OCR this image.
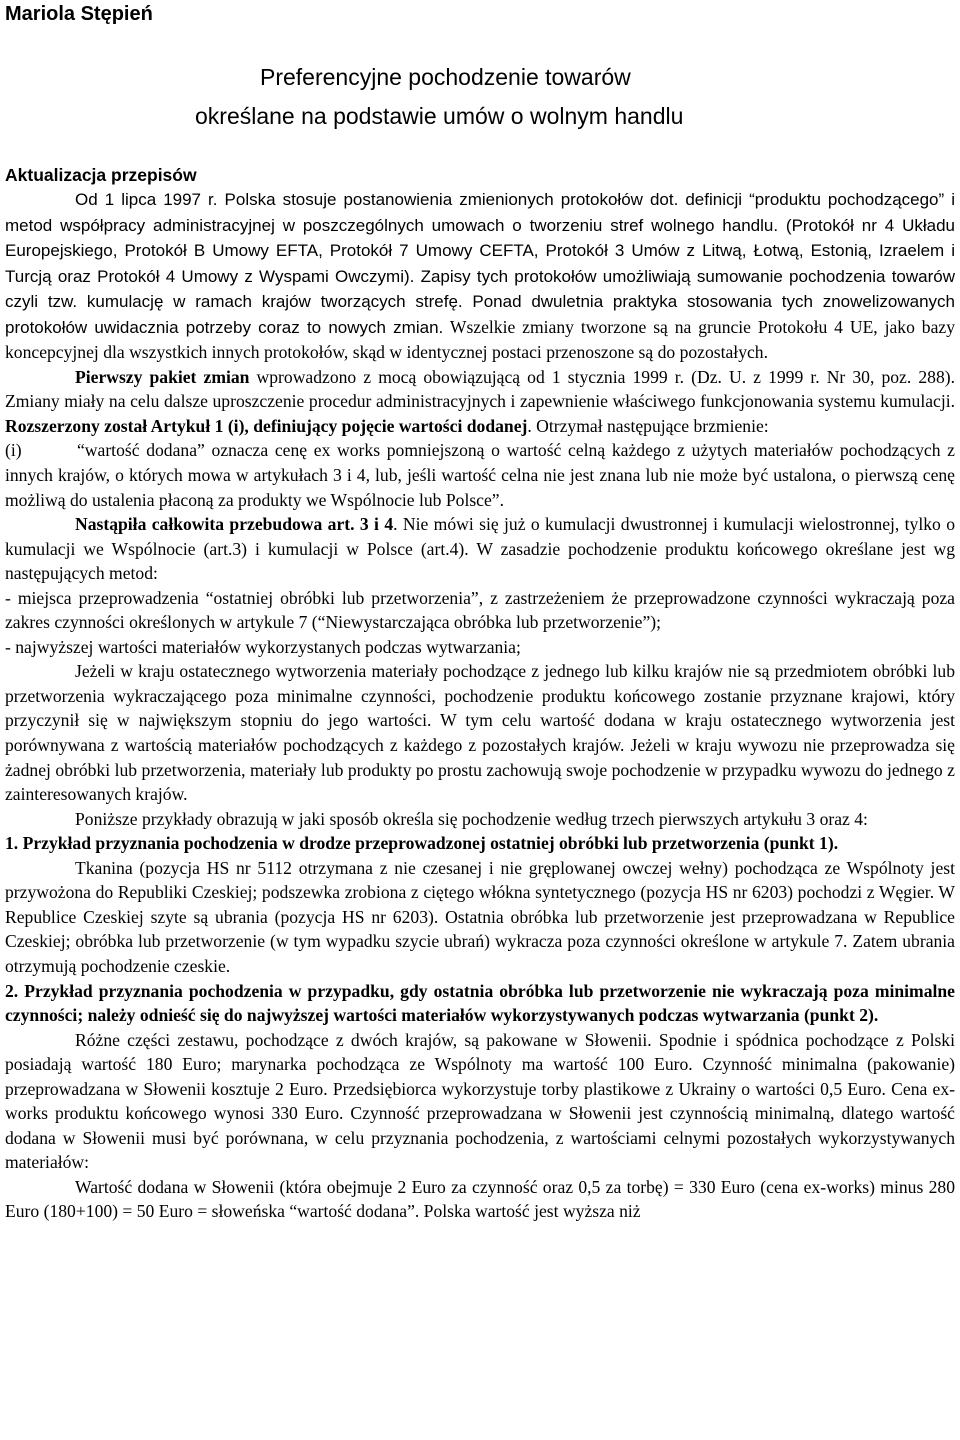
Mariola Stępień
Preferencyjne pochodzenie towarów
określane na podstawie umów o wolnym handlu
Aktualizacja przepisów

Od 1 lipca 1997 r. Polska stosuje postanowienia zmienionych protokołów dot. definicji “produktu pochodzącego” i metod współpracy administracyjnej w poszczególnych umowach o tworzeniu stref wolnego handlu. (Protokół nr 4 Układu Europejskiego, Protokół B Umowy EFTA, Protokół 7 Umowy CEFTA, Protokół 3 Umów z Litwą, Łotwą, Estonią, Izraelem i Turcją oraz Protokół 4 Umowy z Wyspami Owczymi). Zapisy tych protokołów umożliwiają sumowanie pochodzenia towarów czyli tzw. kumulację w ramach krajów tworzących strefę. Ponad dwuletnia praktyka stosowania tych znowelizowanych protokołów uwidacznia potrzeby coraz to nowych zmian. Wszelkie zmiany tworzone są na gruncie Protokołu 4 UE, jako bazy koncepcyjnej dla wszystkich innych protokołów, skąd w identycznej postaci przenoszone są do pozostałych.

Pierwszy pakiet zmian wprowadzono z mocą obowiązującą od 1 stycznia 1999 r. (Dz. U. z 1999 r. Nr 30, poz. 288). Zmiany miały na celu dalsze uproszczenie procedur administracyjnych i zapewnienie właściwego funkcjonowania systemu kumulacji. Rozszerzony został Artykuł 1 (i), definiujący pojęcie wartości dodanej. Otrzymał następujące brzmienie:

(i)	“wartość dodana” oznacza cenę ex works pomniejszoną o wartość celną każdego z użytych materiałów pochodzących z innych krajów, o których mowa w artykułach 3 i 4, lub, jeśli wartość celna nie jest znana lub nie może być ustalona, o pierwszą cenę możliwą do ustalenia płaconą za produkty we Wspólnocie lub Polsce”.

Nastąpiła całkowita przebudowa art. 3 i 4. Nie mówi się już o kumulacji dwustronnej i kumulacji wielostronnej, tylko o kumulacji we Wspólnocie (art.3) i kumulacji w Polsce (art.4). W zasadzie pochodzenie produktu końcowego określane jest wg następujących metod:

- miejsca przeprowadzenia “ostatniej obróbki lub przetworzenia”, z zastrzeżeniem że przeprowadzone czynności wykraczają poza zakres czynności określonych w artykule 7 (“Niewystarczająca obróbka lub przetworzenie”);

- najwyższej wartości materiałów wykorzystanych podczas wytwarzania;

Jeżeli w kraju ostatecznego wytworzenia materiały pochodzące z jednego lub kilku krajów nie są przedmiotem obróbki lub przetworzenia wykraczającego poza minimalne czynności, pochodzenie produktu końcowego zostanie przyznane krajowi, który przyczynił się w największym stopniu do jego wartości. W tym celu wartość dodana w kraju ostatecznego wytworzenia jest porównywana z wartością materiałów pochodzących z każdego z pozostałych krajów. Jeżeli w kraju wywozu nie przeprowadza się żadnej obróbki lub przetworzenia, materiały lub produkty po prostu zachowują swoje pochodzenie w przypadku wywozu do jednego z zainteresowanych krajów.

Poniższe przykłady obrazują w jaki sposób określa się pochodzenie według trzech pierwszych artykułu 3 oraz 4:

1. Przykład przyznania pochodzenia w drodze przeprowadzonej ostatniej obróbki lub przetworzenia (punkt 1).

Tkanina (pozycja HS nr 5112 otrzymana z nie czesanej i nie gręplowanej owczej wełny) pochodząca ze Wspólnoty jest przywożona do Republiki Czeskiej; podszewka zrobiona z ciętego włókna syntetycznego (pozycja HS nr 6203) pochodzi z Węgier. W Republice Czeskiej szyte są ubrania (pozycja HS nr 6203). Ostatnia obróbka lub przetworzenie jest przeprowadzana w Republice Czeskiej; obróbka lub przetworzenie (w tym wypadku szycie ubrań) wykracza poza czynności określone w artykule 7. Zatem ubrania otrzymują pochodzenie czeskie.

2. Przykład przyznania pochodzenia w przypadku, gdy ostatnia obróbka lub przetworzenie nie wykraczają poza minimalne czynności; należy odnieść się do najwyższej wartości materiałów wykorzystywanych podczas wytwarzania (punkt 2).

Różne części zestawu, pochodzące z dwóch krajów, są pakowane w Słowenii. Spodnie i spódnica pochodzące z Polski posiadają wartość 180 Euro; marynarka pochodząca ze Wspólnoty ma wartość 100 Euro. Czynność minimalna (pakowanie) przeprowadzana w Słowenii kosztuje 2 Euro. Przedsiębiorca wykorzystuje torby plastikowe z Ukrainy o wartości 0,5 Euro. Cena ex-works produktu końcowego wynosi 330 Euro. Czynność przeprowadzana w Słowenii jest czynnością minimalną, dlatego wartość dodana w Słowenii musi być porównana, w celu przyznania pochodzenia, z wartościami celnymi pozostałych wykorzystywanych materiałów:

Wartość dodana w Słowenii (która obejmuje 2 Euro za czynność oraz 0,5 za torbę) = 330 Euro (cena ex-works) minus 280 Euro (180+100) = 50 Euro = słoweńska “wartość dodana”. Polska wartość jest wyższa niż
